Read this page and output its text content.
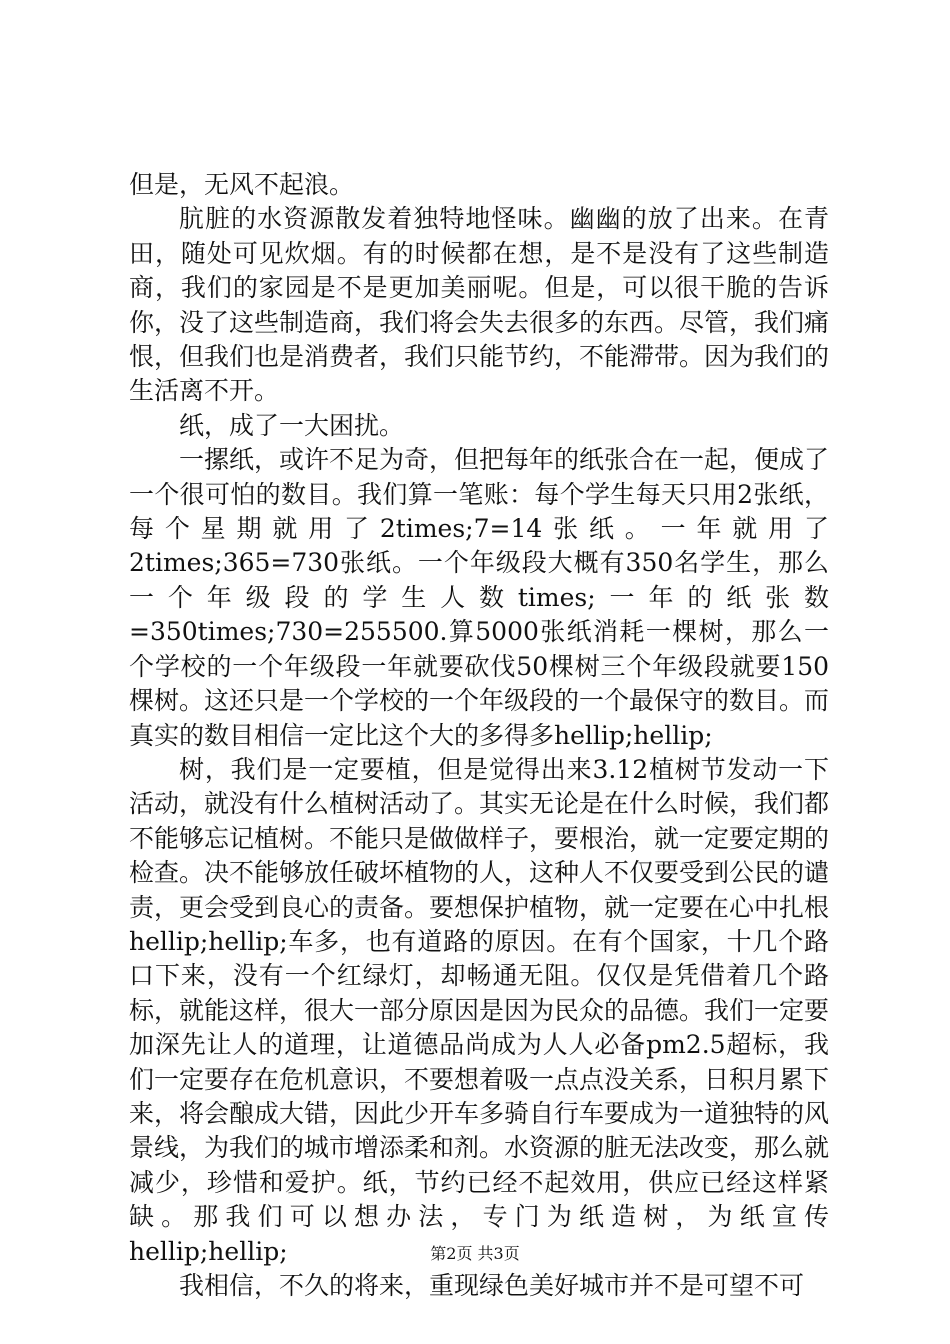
但是，无风不起浪。

肮脏的水资源散发着独特地怪味。幽幽的放了出来。在青田，随处可见炊烟。有的时候都在想，是不是没有了这些制造商，我们的家园是不是更加美丽呢。但是，可以很干脆的告诉你，没了这些制造商，我们将会失去很多的东西。尽管，我们痛恨，但我们也是消费者，我们只能节约，不能滞带。因为我们的生活离不开。

纸，成了一大困扰。

一摞纸，或许不足为奇，但把每年的纸张合在一起，便成了一个很可怕的数目。我们算一笔账：每个学生每天只用2张纸，每个星期就用了2times;7=14张纸。一年就用了2times;365=730张纸。一个年级段大概有350名学生，那么一个年级段的学生人数times;一年的纸张数=350times;730=255500.算5000张纸消耗一棵树，那么一个学校的一个年级段一年就要砍伐50棵树三个年级段就要150棵树。这还只是一个学校的一个年级段的一个最保守的数目。而真实的数目相信一定比这个大的多得多hellip;hellip;

树，我们是一定要植，但是觉得出来3.12植树节发动一下活动，就没有什么植树活动了。其实无论是在什么时候，我们都不能够忘记植树。不能只是做做样子，要根治，就一定要定期的检查。决不能够放任破坏植物的人，这种人不仅要受到公民的谴责，更会受到良心的责备。要想保护植物，就一定要在心中扎根hellip;hellip;车多，也有道路的原因。在有个国家，十几个路口下来，没有一个红绿灯，却畅通无阻。仅仅是凭借着几个路标，就能这样，很大一部分原因是因为民众的品德。我们一定要加深先让人的道理，让道德品尚成为人人必备pm2.5超标，我们一定要存在危机意识，不要想着吸一点点没关系，日积月累下来，将会酿成大错，因此少开车多骑自行车要成为一道独特的风景线，为我们的城市增添柔和剂。水资源的脏无法改变，那么就减少，珍惜和爱护。纸，节约已经不起效用，供应已经这样紧缺。那我们可以想办法，专门为纸造树，为纸宣传hellip;hellip;

我相信，不久的将来，重现绿色美好城市并不是可望不可

第2页 共3页
